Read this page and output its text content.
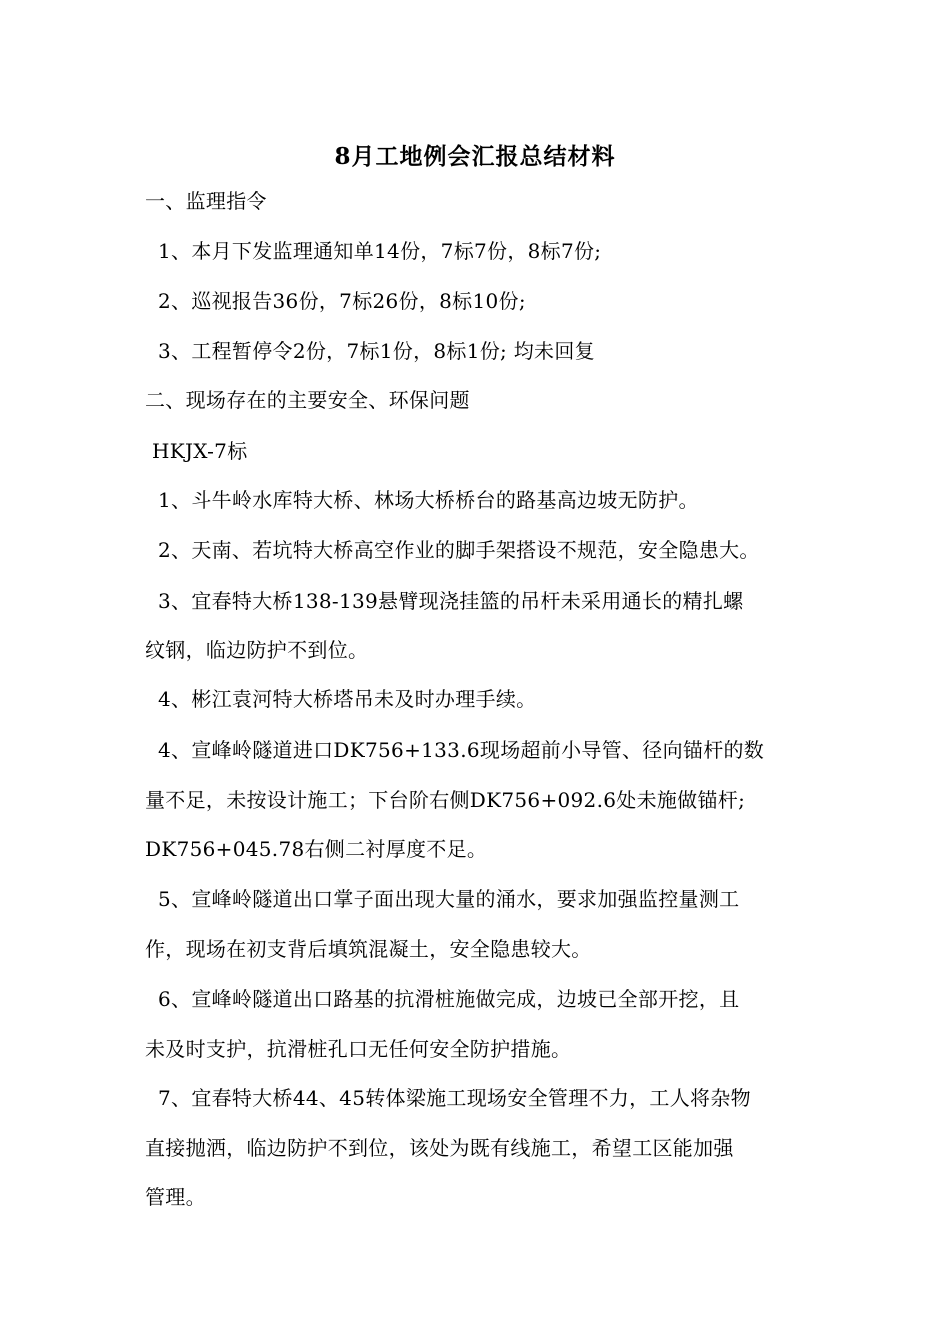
8月工地例会汇报总结材料
一、监理指令
1、本月下发监理通知单14份，7标7份，8标7份;
2、巡视报告36份，7标26份，8标10份;
3、工程暂停令2份，7标1份，8标1份; 均未回复
二、现场存在的主要安全、环保问题
HKJX-7标
1、斗牛岭水库特大桥、林场大桥桥台的路基高边坡无防护。
2、天南、若坑特大桥高空作业的脚手架搭设不规范，安全隐患大。
3、宜春特大桥138-139悬臂现浇挂篮的吊杆未采用通长的精扎螺
纹钢，临边防护不到位。
4、彬江袁河特大桥塔吊未及时办理手续。
4、宣峰岭隧道进口DK756+133.6现场超前小导管、径向锚杆的数
量不足，未按设计施工；下台阶右侧DK756+092.6处未施做锚杆;
DK756+045.78右侧二衬厚度不足。
5、宣峰岭隧道出口掌子面出现大量的涌水，要求加强监控量测工
作，现场在初支背后填筑混凝土，安全隐患较大。
6、宣峰岭隧道出口路基的抗滑桩施做完成，边坡已全部开挖，且
未及时支护，抗滑桩孔口无任何安全防护措施。
7、宜春特大桥44、45转体梁施工现场安全管理不力，工人将杂物
直接抛洒，临边防护不到位，该处为既有线施工，希望工区能加强
管理。
